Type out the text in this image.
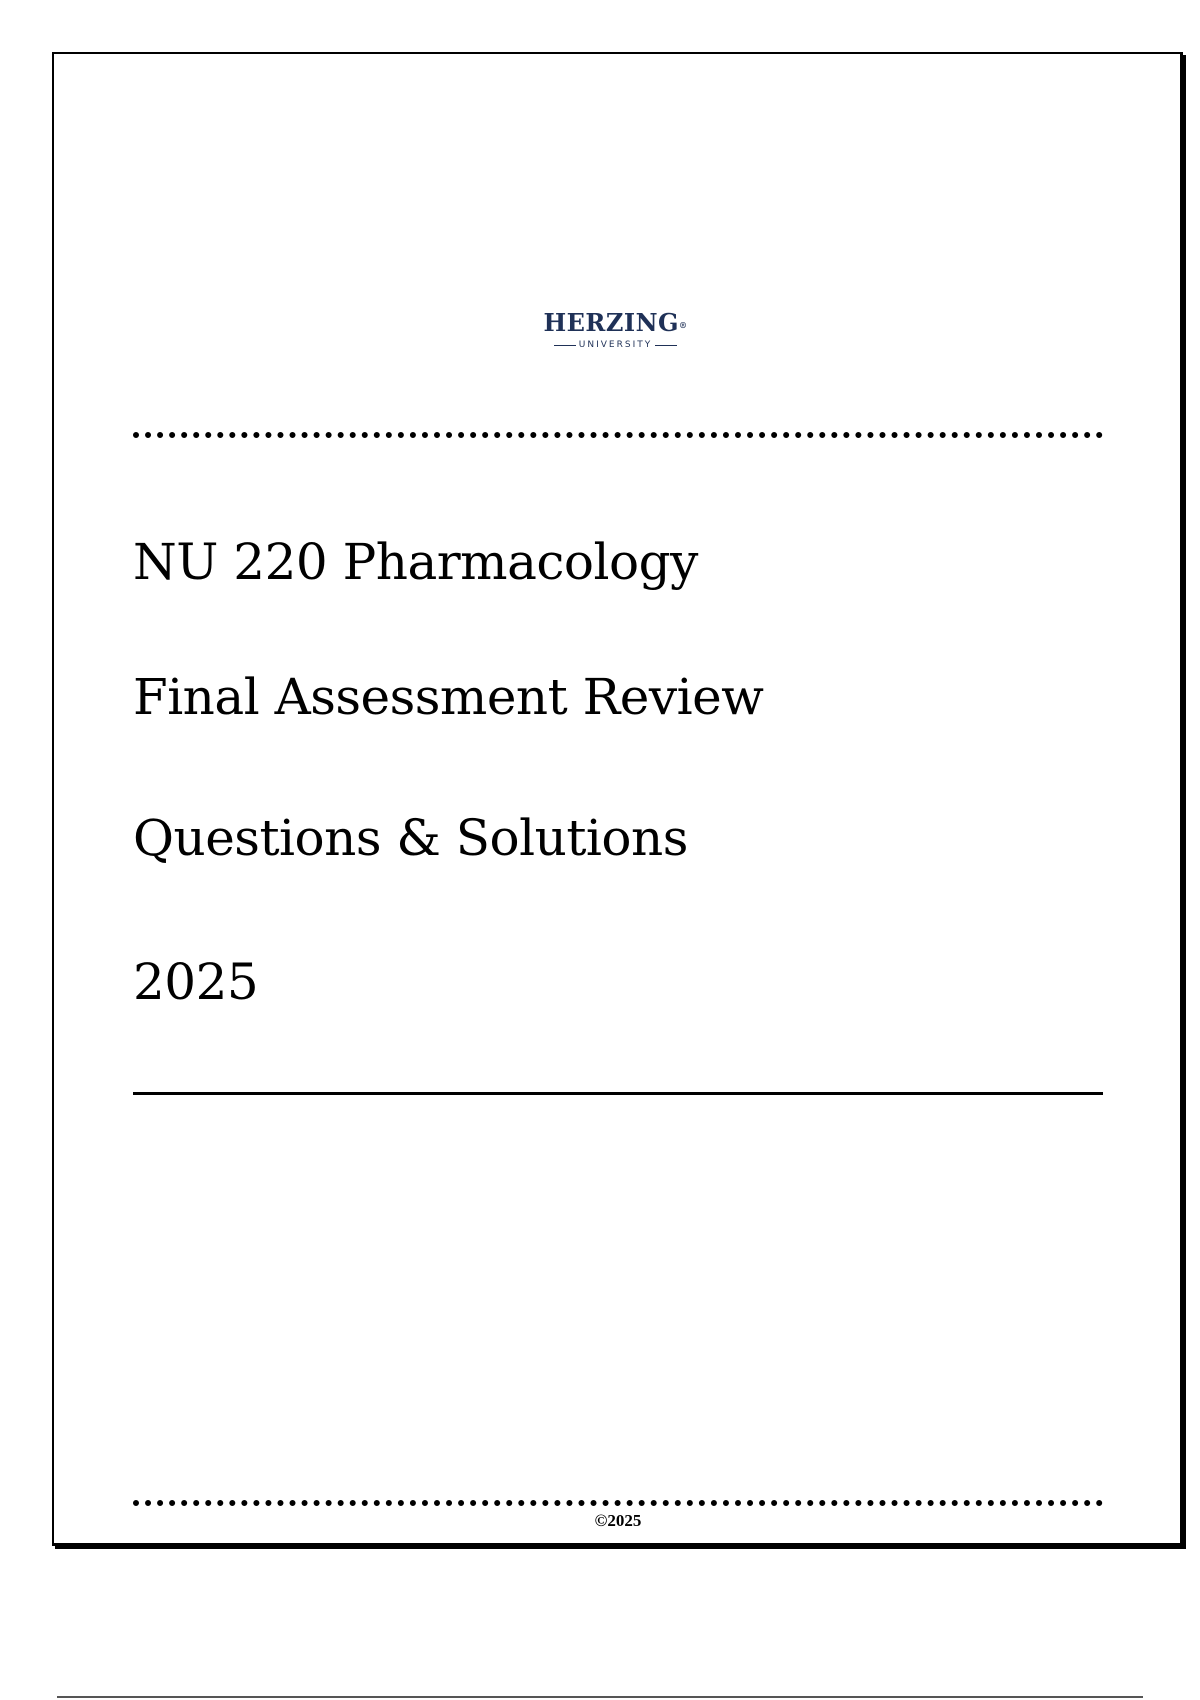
HERZING®
UNIVERSITY
NU 220 Pharmacology
Final Assessment Review
Questions & Solutions
2025
©2025
